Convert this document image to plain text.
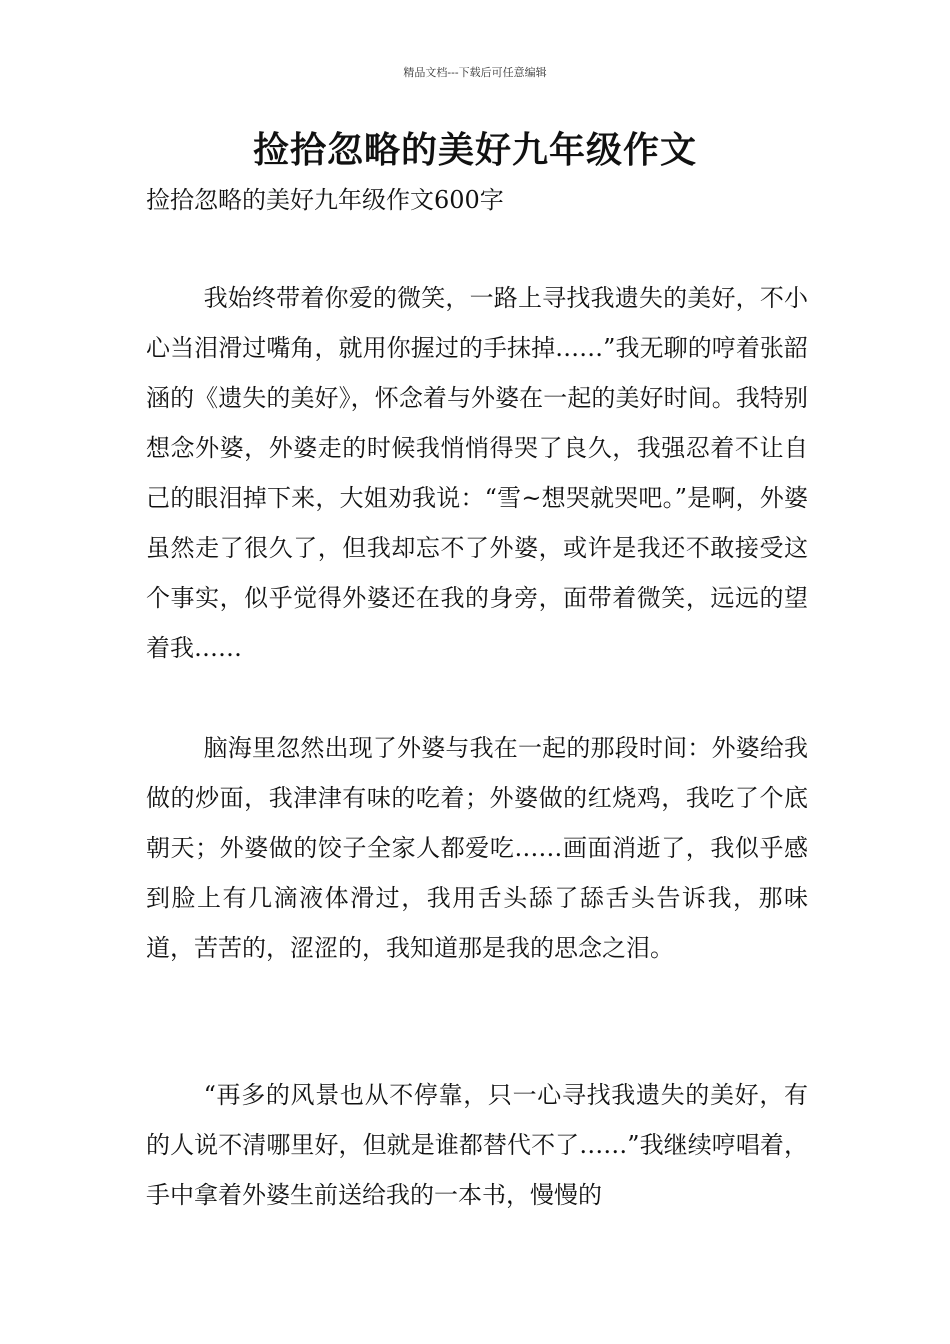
精品文档---下载后可任意编辑
捡拾忽略的美好九年级作文

捡拾忽略的美好九年级作文600字

我始终带着你爱的微笑，一路上寻找我遗失的美好，不小心当泪滑过嘴角，就用你握过的手抹掉……”我无聊的哼着张韶涵的《遗失的美好》，怀念着与外婆在一起的美好时间。我特别想念外婆，外婆走的时候我悄悄得哭了良久，我强忍着不让自己的眼泪掉下来，大姐劝我说：“雪~想哭就哭吧。”是啊，外婆虽然走了很久了，但我却忘不了外婆，或许是我还不敢接受这个事实，似乎觉得外婆还在我的身旁，面带着微笑，远远的望着我……

脑海里忽然出现了外婆与我在一起的那段时间：外婆给我做的炒面，我津津有味的吃着；外婆做的红烧鸡，我吃了个底朝天；外婆做的饺子全家人都爱吃……画面消逝了，我似乎感到脸上有几滴液体滑过，我用舌头舔了舔舌头告诉我，那味道，苦苦的，涩涩的，我知道那是我的思念之泪。

“再多的风景也从不停靠，只一心寻找我遗失的美好，有的人说不清哪里好，但就是谁都替代不了……”我继续哼唱着，手中拿着外婆生前送给我的一本书，慢慢的
